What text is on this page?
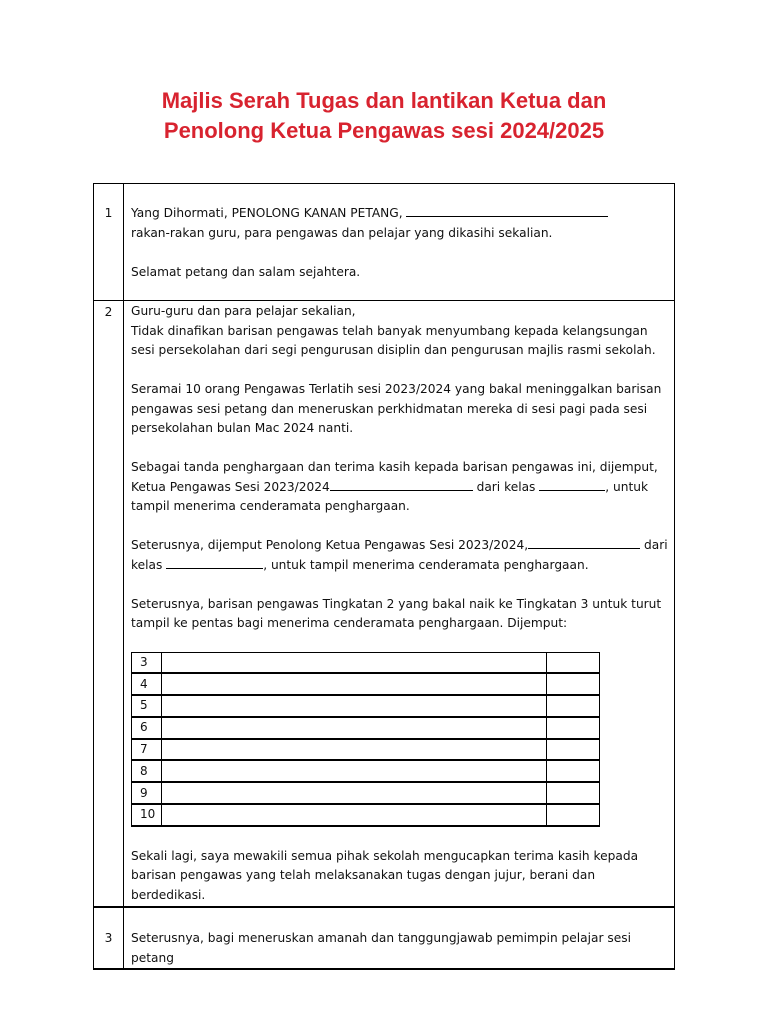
Majlis Serah Tugas dan lantikan Ketua dan
Penolong Ketua Pengawas sesi 2024/2025
1	Yang Dihormati, PENOLONG KANAN PETANG,

rakan-rakan guru, para pengawas dan pelajar yang dikasihi sekalian.

Selamat petang dan salam sejahtera.

2	Guru-guru dan para pelajar sekalian,

Tidak dinafikan barisan pengawas telah banyak menyumbang kepada kelangsungan sesi persekolahan dari segi pengurusan disiplin dan pengurusan majlis rasmi sekolah.

Seramai 10 orang Pengawas Terlatih sesi 2023/2024 yang bakal meninggalkan barisan pengawas sesi petang dan meneruskan perkhidmatan mereka di sesi pagi pada sesi persekolahan bulan Mac 2024 nanti.

Sebagai tanda penghargaan dan terima kasih kepada barisan pengawas ini, dijemput,

Ketua Pengawas Sesi 2023/2024	dari kelas	, untuk

tampil menerima cenderamata penghargaan.

Seterusnya, dijemput Penolong Ketua Pengawas Sesi 2023/2024,	dari

kelas	, untuk tampil menerima cenderamata penghargaan.

Seterusnya, barisan pengawas Tingkatan 2 yang bakal naik ke Tingkatan 3 untuk turut tampil ke pentas bagi menerima cenderamata penghargaan. Dijemput:

3		
4		
5		
6		
7		
8		
9		
10		

Sekali lagi, saya mewakili semua pihak sekolah mengucapkan terima kasih kepada barisan pengawas yang telah melaksanakan tugas dengan jujur, berani dan berdedikasi.

3	Seterusnya, bagi meneruskan amanah dan tanggungjawab pemimpin pelajar sesi petang
